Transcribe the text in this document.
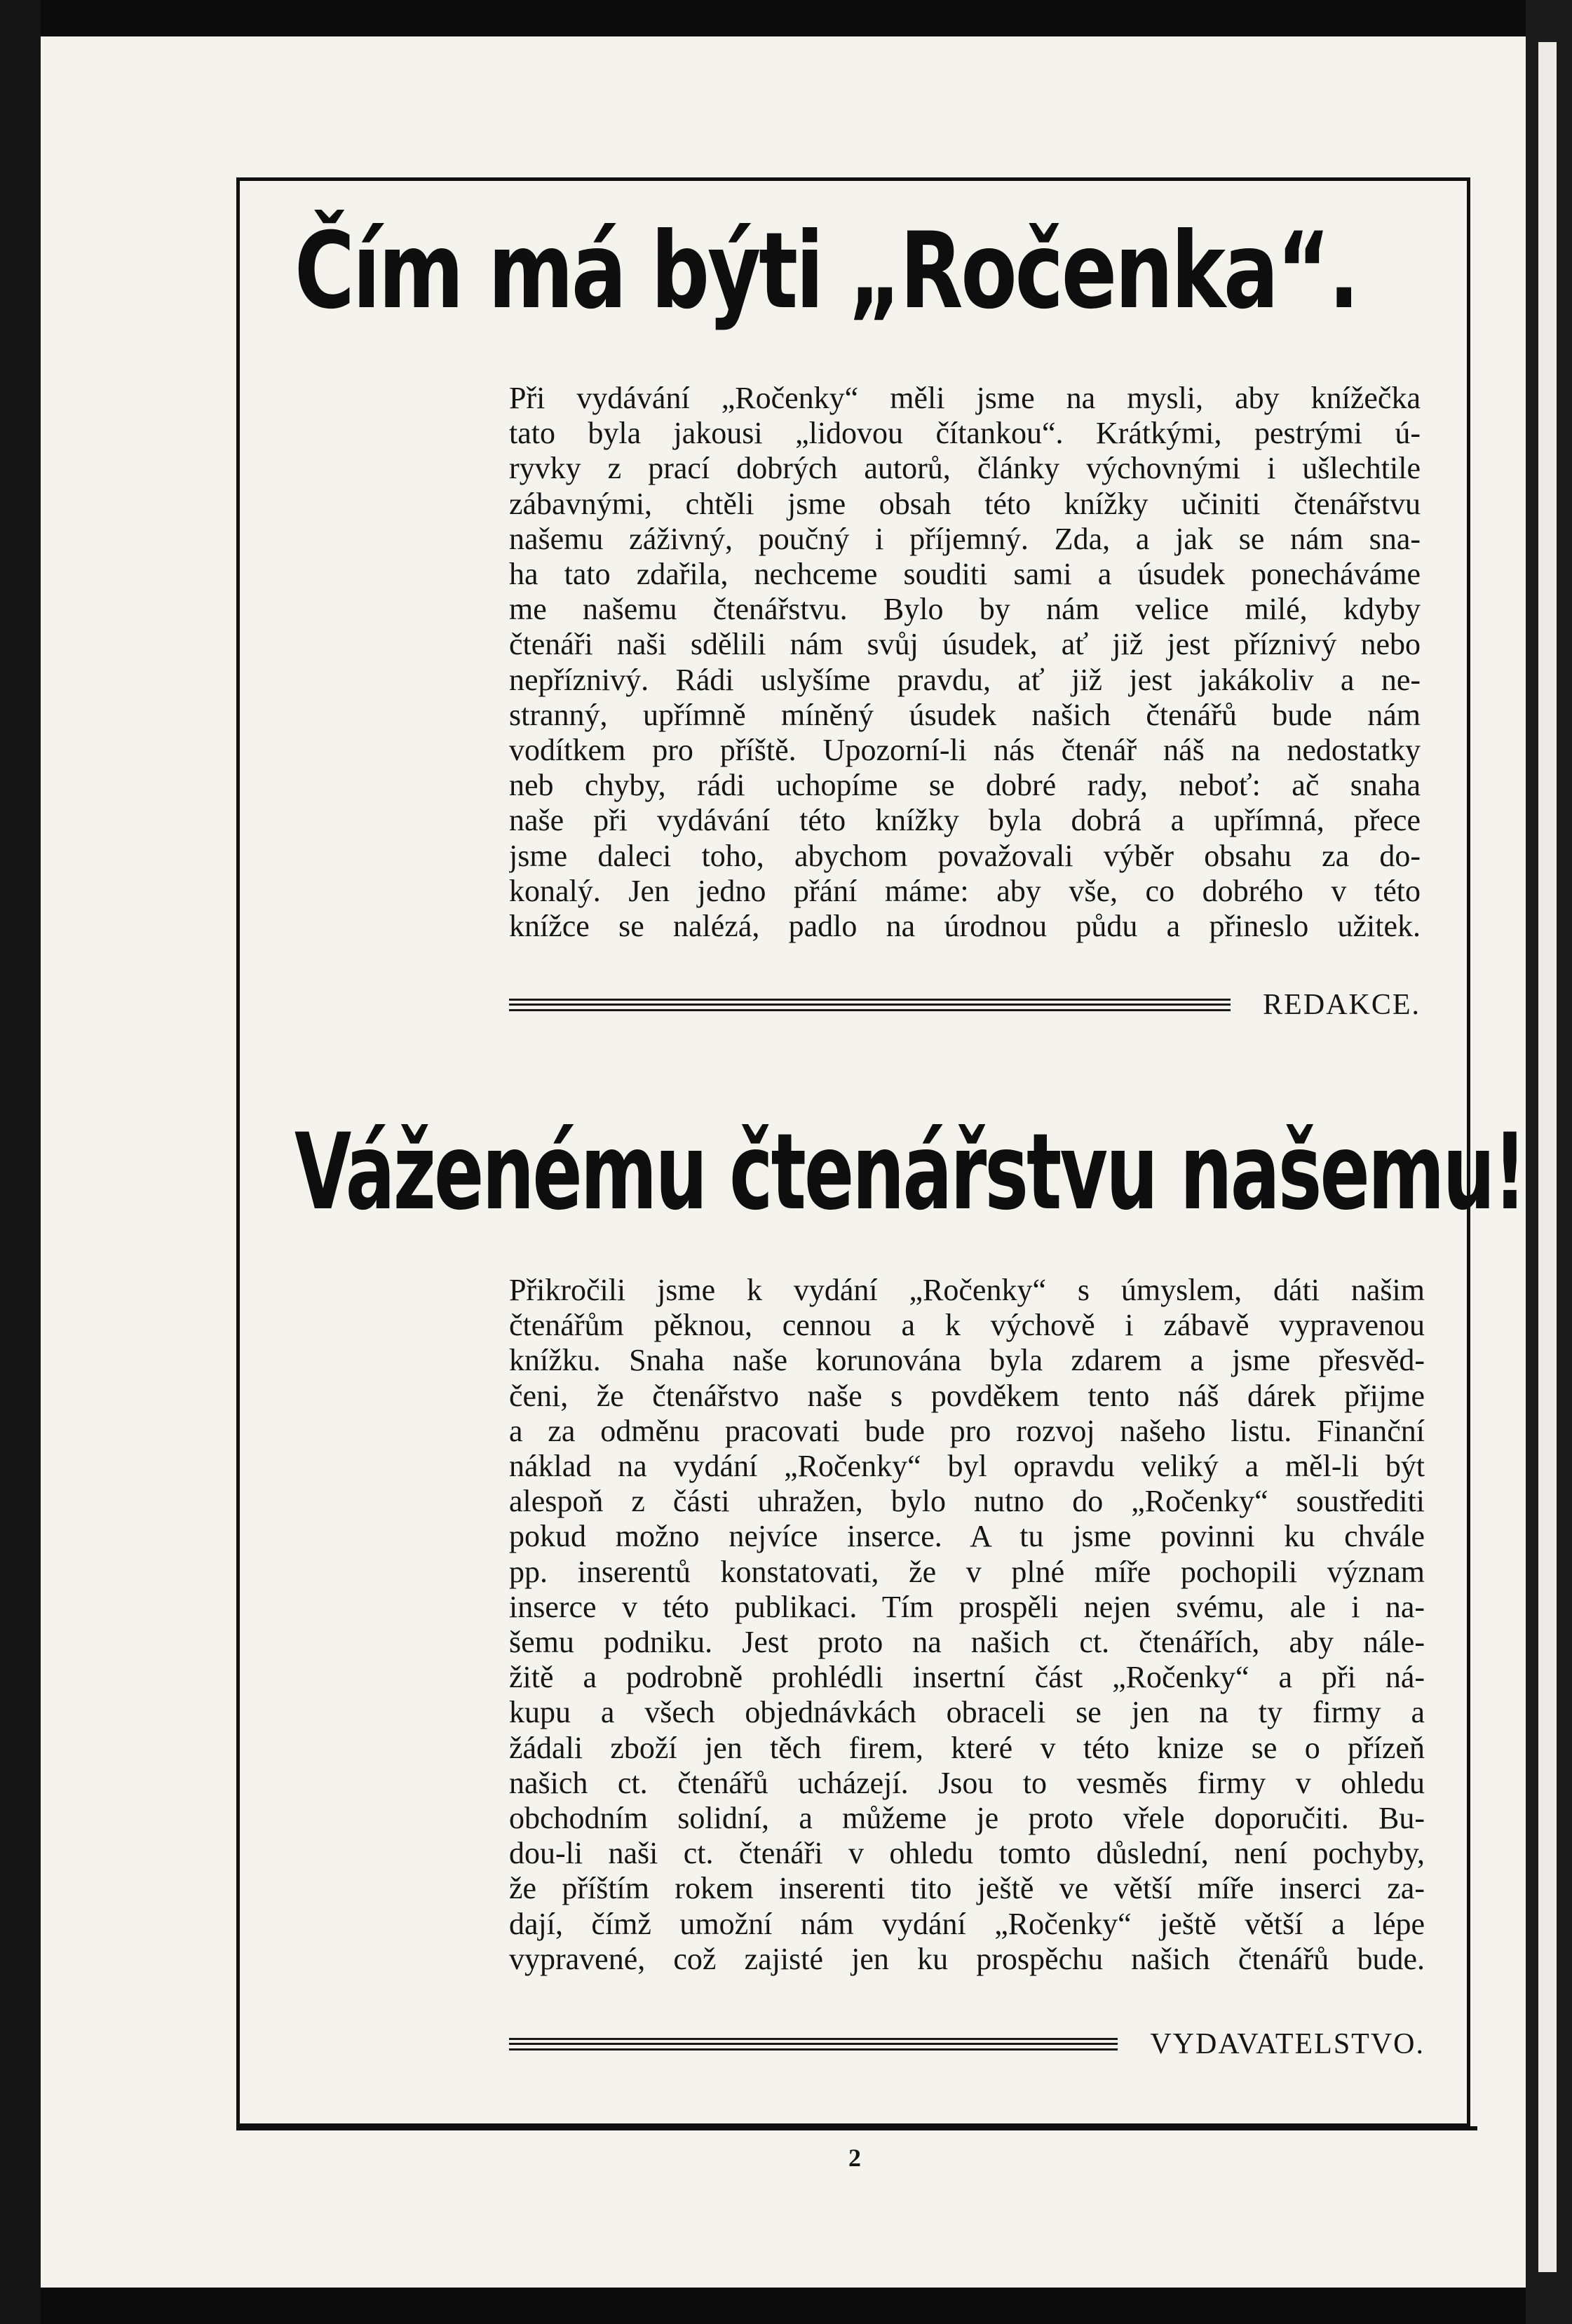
Čím má býti „Ročenka“.
Při vydávání „Ročenky“ měli jsme na mysli, aby knížečka
tato byla jakousi „lidovou čítankou“. Krátkými, pestrými ú-
ryvky z prací dobrých autorů, články výchovnými i ušlechtile
zábavnými, chtěli jsme obsah této knížky učiniti čtenářstvu
našemu záživný, poučný i příjemný. Zda, a jak se nám sna-
ha tato zdařila, nechceme souditi sami a úsudek ponecháváme
me našemu čtenářstvu. Bylo by nám velice milé, kdyby
čtenáři naši sdělili nám svůj úsudek, ať již jest příznivý nebo
nepříznivý. Rádi uslyšíme pravdu, ať již jest jakákoliv a ne-
stranný, upřímně míněný úsudek našich čtenářů bude nám
vodítkem pro příště. Upozorní-li nás čtenář náš na nedostatky
neb chyby, rádi uchopíme se dobré rady, neboť: ač snaha
naše při vydávání této knížky byla dobrá a upřímná, přece
jsme daleci toho, abychom považovali výběr obsahu za do-
konalý. Jen jedno přání máme: aby vše, co dobrého v této
knížce se nalézá, padlo na úrodnou půdu a přineslo užitek.
REDAKCE.
Váženému čtenářstvu našemu!
Přikročili jsme k vydání „Ročenky“ s úmyslem, dáti našim
čtenářům pěknou, cennou a k výchově i zábavě vypravenou
knížku. Snaha naše korunována byla zdarem a jsme přesvěd-
čeni, že čtenářstvo naše s povděkem tento náš dárek přijme
a za odměnu pracovati bude pro rozvoj našeho listu. Finanční
náklad na vydání „Ročenky“ byl opravdu veliký a měl-li být
alespoň z části uhražen, bylo nutno do „Ročenky“ soustřediti
pokud možno nejvíce inserce. A tu jsme povinni ku chvále
pp. inserentů konstatovati, že v plné míře pochopili význam
inserce v této publikaci. Tím prospěli nejen svému, ale i na-
šemu podniku. Jest proto na našich ct. čtenářích, aby nále-
žitě a podrobně prohlédli insertní část „Ročenky“ a při ná-
kupu a všech objednávkách obraceli se jen na ty firmy a
žádali zboží jen těch firem, které v této knize se o přízeň
našich ct. čtenářů ucházejí. Jsou to vesměs firmy v ohledu
obchodním solidní, a můžeme je proto vřele doporučiti. Bu-
dou-li naši ct. čtenáři v ohledu tomto důslední, není pochyby,
že příštím rokem inserenti tito ještě ve větší míře inserci za-
dají, čímž umožní nám vydání „Ročenky“ ještě větší a lépe
vypravené, což zajisté jen ku prospěchu našich čtenářů bude.
VYDAVATELSTVO.
2
